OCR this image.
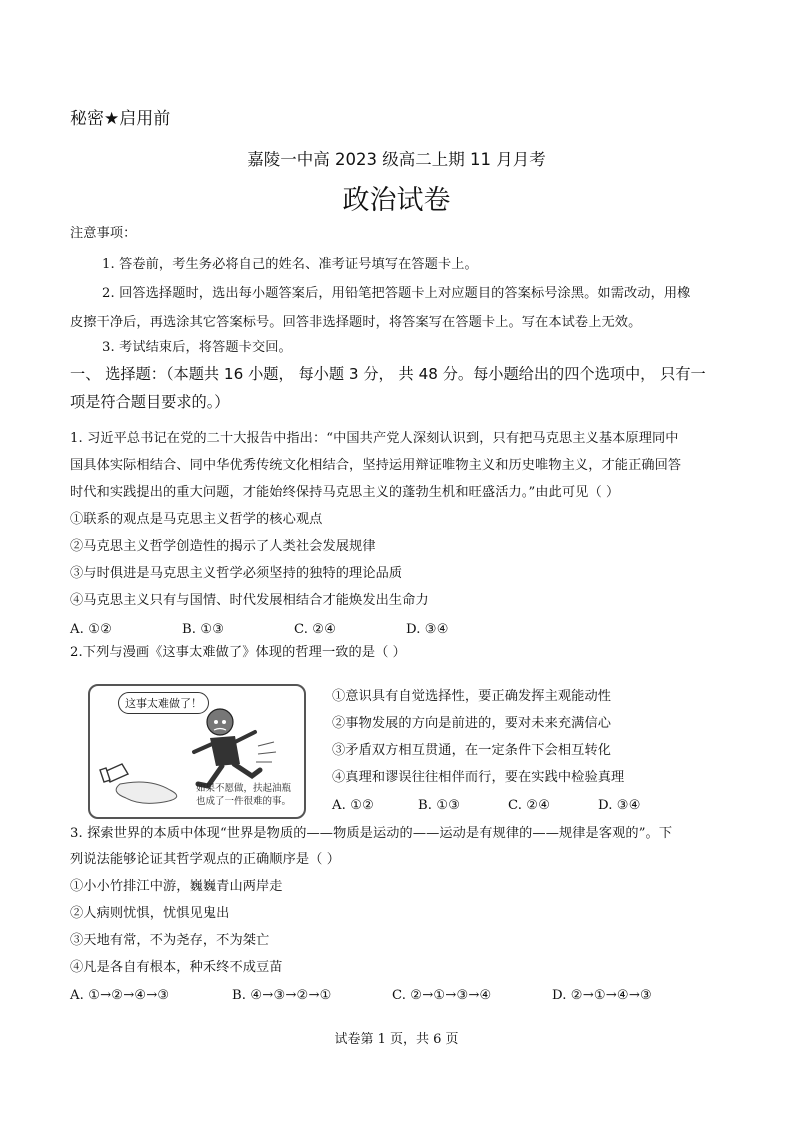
秘密★启用前
嘉陵一中高 2023 级高二上期 11 月月考
政治试卷
注意事项：
1. 答卷前，考生务必将自己的姓名、准考证号填写在答题卡上。
2. 回答选择题时，选出每小题答案后，用铅笔把答题卡上对应题目的答案标号涂黑。如需改动，用橡
皮擦干净后，再选涂其它答案标号。回答非选择题时，将答案写在答题卡上。写在本试卷上无效。
3. 考试结束后，将答题卡交回。
一、 选择题：（本题共 16 小题， 每小题 3 分， 共 48 分。每小题给出的四个选项中， 只有一
项是符合题目要求的。）
1. 习近平总书记在党的二十大报告中指出：“中国共产党人深刻认识到，只有把马克思主义基本原理同中
国具体实际相结合、同中华优秀传统文化相结合，坚持运用辩证唯物主义和历史唯物主义，才能正确回答
时代和实践提出的重大问题，才能始终保持马克思主义的蓬勃生机和旺盛活力。”由此可见（ ）
①联系的观点是马克思主义哲学的核心观点
②马克思主义哲学创造性的揭示了人类社会发展规律
③与时俱进是马克思主义哲学必须坚持的独特的理论品质
④马克思主义只有与国情、时代发展相结合才能焕发出生命力
A. ①②	B. ①③	C. ②④	D. ③④
2.下列与漫画《这事太难做了》体现的哲理一致的是（ ）
这事太难做了！
如果不愿做，扶起油瓶
也成了一件很难的事。
①意识具有自觉选择性，要正确发挥主观能动性
②事物发展的方向是前进的，要对未来充满信心
③矛盾双方相互贯通，在一定条件下会相互转化
④真理和谬误往往相伴而行，要在实践中检验真理
A. ①②	B. ①③	C. ②④	D. ③④
3. 探索世界的本质中体现“世界是物质的——物质是运动的——运动是有规律的——规律是客观的”。下
列说法能够论证其哲学观点的正确顺序是（ ）
①小小竹排江中游，巍巍青山两岸走
②人病则忧惧，忧惧见鬼出
③天地有常，不为尧存，不为桀亡
④凡是各自有根本，种禾终不成豆苗
A. ①→②→④→③	B. ④→③→②→①	C. ②→①→③→④	D. ②→①→④→③
试卷第 1 页，共 6 页
